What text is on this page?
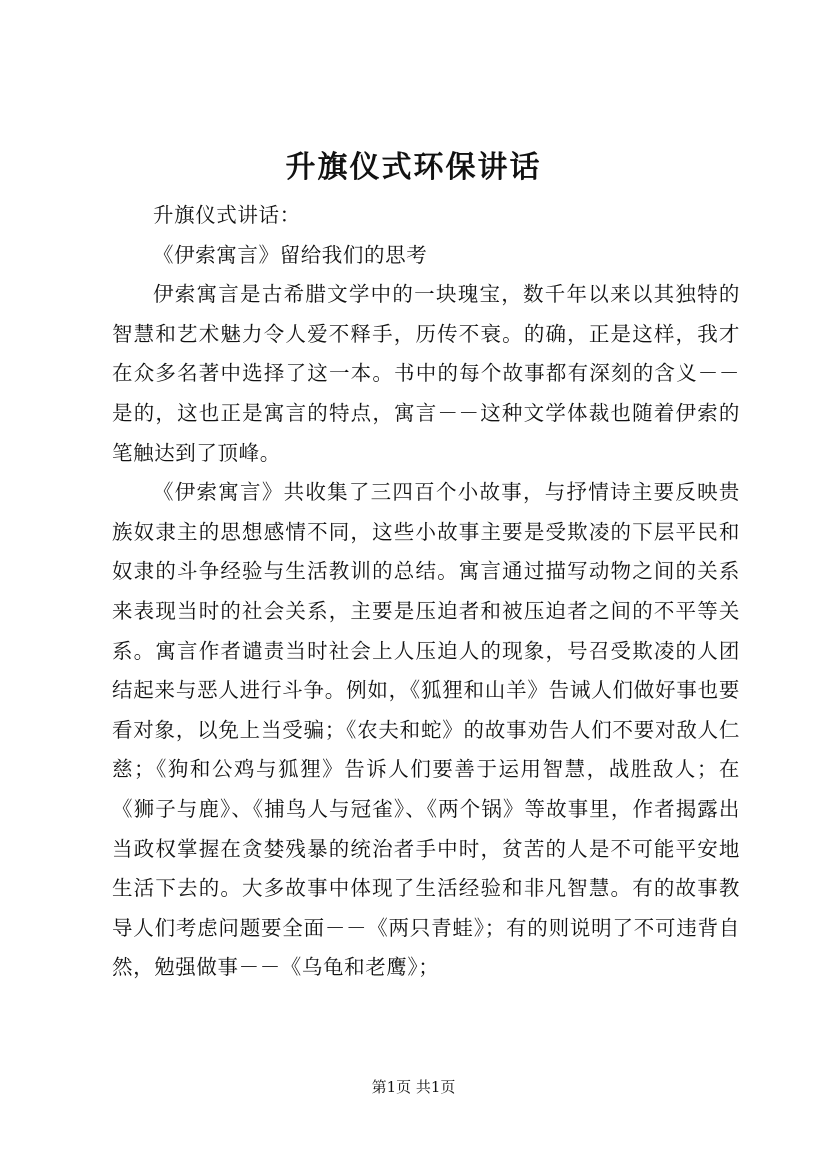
升旗仪式环保讲话

升旗仪式讲话：

《伊索寓言》留给我们的思考

伊索寓言是古希腊文学中的一块瑰宝，数千年以来以其独特的智慧和艺术魅力令人爱不释手，历传不衰。的确，正是这样，我才在众多名著中选择了这一本。书中的每个故事都有深刻的含义－－是的，这也正是寓言的特点，寓言－－这种文学体裁也随着伊索的笔触达到了顶峰。

《伊索寓言》共收集了三四百个小故事，与抒情诗主要反映贵族奴隶主的思想感情不同，这些小故事主要是受欺凌的下层平民和奴隶的斗争经验与生活教训的总结。寓言通过描写动物之间的关系来表现当时的社会关系，主要是压迫者和被压迫者之间的不平等关系。寓言作者谴责当时社会上人压迫人的现象，号召受欺凌的人团结起来与恶人进行斗争。例如，《狐狸和山羊》告诫人们做好事也要看对象，以免上当受骗；《农夫和蛇》的故事劝告人们不要对敌人仁慈；《狗和公鸡与狐狸》告诉人们要善于运用智慧，战胜敌人；在《狮子与鹿》、《捕鸟人与冠雀》、《两个锅》等故事里，作者揭露出当政权掌握在贪婪残暴的统治者手中时，贫苦的人是不可能平安地生活下去的。大多故事中体现了生活经验和非凡智慧。有的故事教导人们考虑问题要全面－－《两只青蛙》；有的则说明了不可违背自然，勉强做事－－《乌龟和老鹰》；

第1页 共1页
